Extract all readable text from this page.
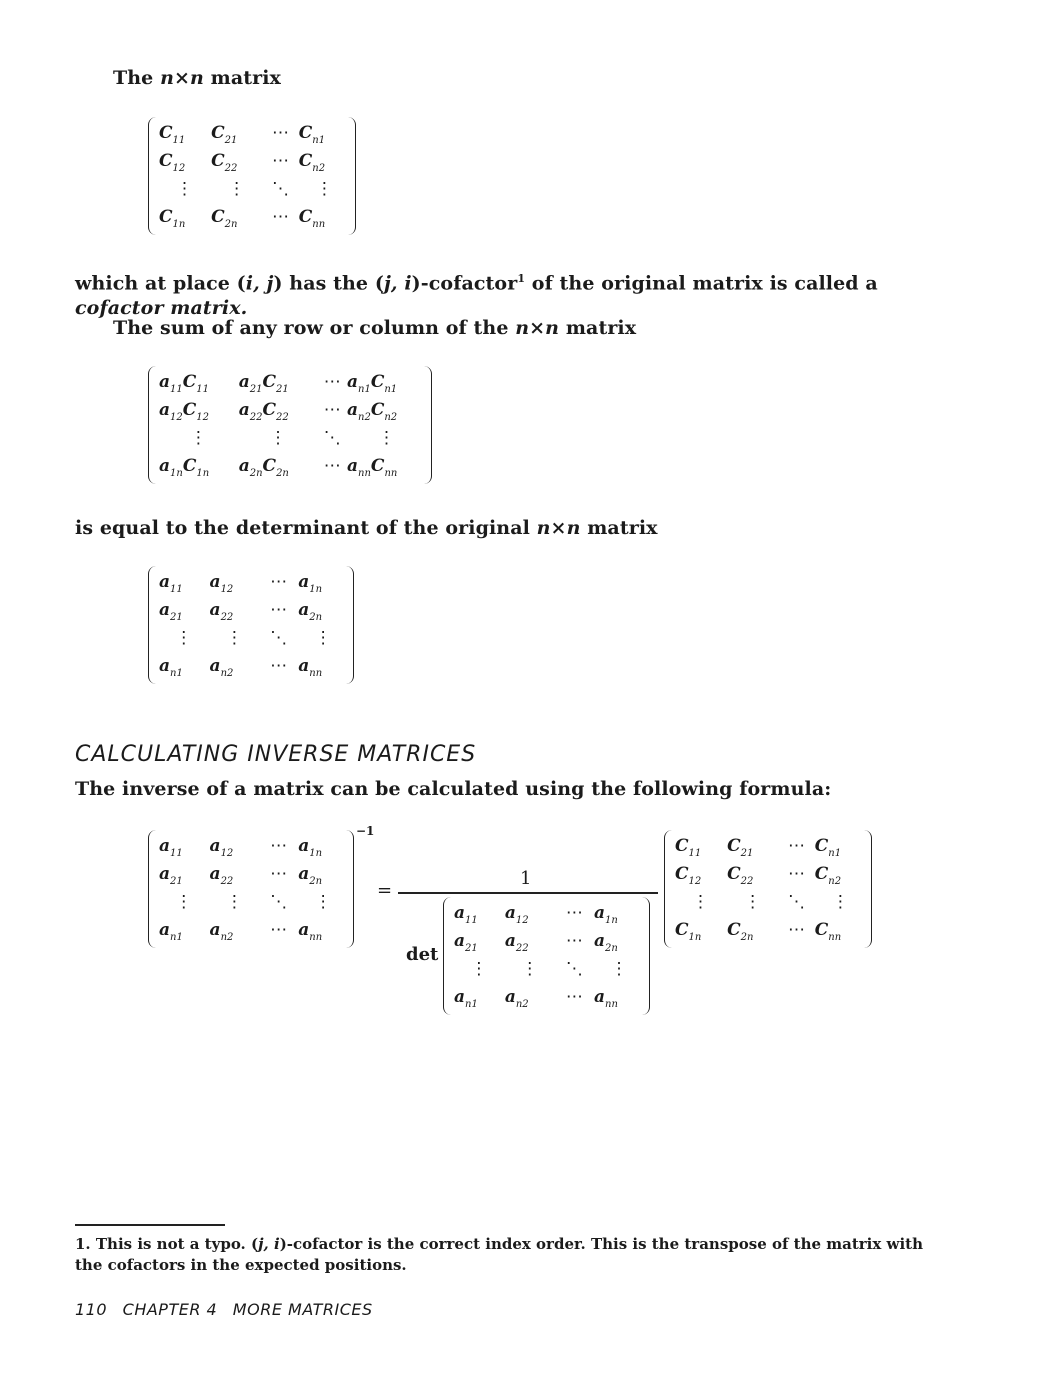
The n×n matrix
$C_{11}$	$C_{21}$	⋯	$C_{n1}$
$C_{12}$	$C_{22}$	⋯	$C_{n2}$
⋮	⋮	⋱	⋮
$C_{1n}$	$C_{2n}$	⋯	$C_{nn}$
which at place (i, j) has the (j, i)-cofactor$^1$ of the original matrix is called a
cofactor matrix.
The sum of any row or column of the n×n matrix
$a_{11}C_{11}$	$a_{21}C_{21}$	⋯	$a_{n1}C_{n1}$
$a_{12}C_{12}$	$a_{22}C_{22}$	⋯	$a_{n2}C_{n2}$
⋮	⋮	⋱	⋮
$a_{1n}C_{1n}$	$a_{2n}C_{2n}$	⋯	$a_{nn}C_{nn}$
is equal to the determinant of the original n×n matrix
$a_{11}$	$a_{12}$	⋯	$a_{1n}$
$a_{21}$	$a_{22}$	⋯	$a_{2n}$
⋮	⋮	⋱	⋮
$a_{n1}$	$a_{n2}$	⋯	$a_{nn}$
CALCULATING INVERSE MATRICES
The inverse of a matrix can be calculated using the following formula:
$a_{11}$	$a_{12}$	⋯	$a_{1n}$
$a_{21}$	$a_{22}$	⋯	$a_{2n}$
⋮	⋮	⋱	⋮
$a_{n1}$	$a_{n2}$	⋯	$a_{nn}$
−1
=
1
det
$a_{11}$	$a_{12}$	⋯	$a_{1n}$
$a_{21}$	$a_{22}$	⋯	$a_{2n}$
⋮	⋮	⋱	⋮
$a_{n1}$	$a_{n2}$	⋯	$a_{nn}$
$C_{11}$	$C_{21}$	⋯	$C_{n1}$
$C_{12}$	$C_{22}$	⋯	$C_{n2}$
⋮	⋮	⋱	⋮
$C_{1n}$	$C_{2n}$	⋯	$C_{nn}$
1. This is not a typo. (j, i)-cofactor is the correct index order. This is the transpose of the matrix with
the cofactors in the expected positions.
110 CHAPTER 4 MORE MATRICES
